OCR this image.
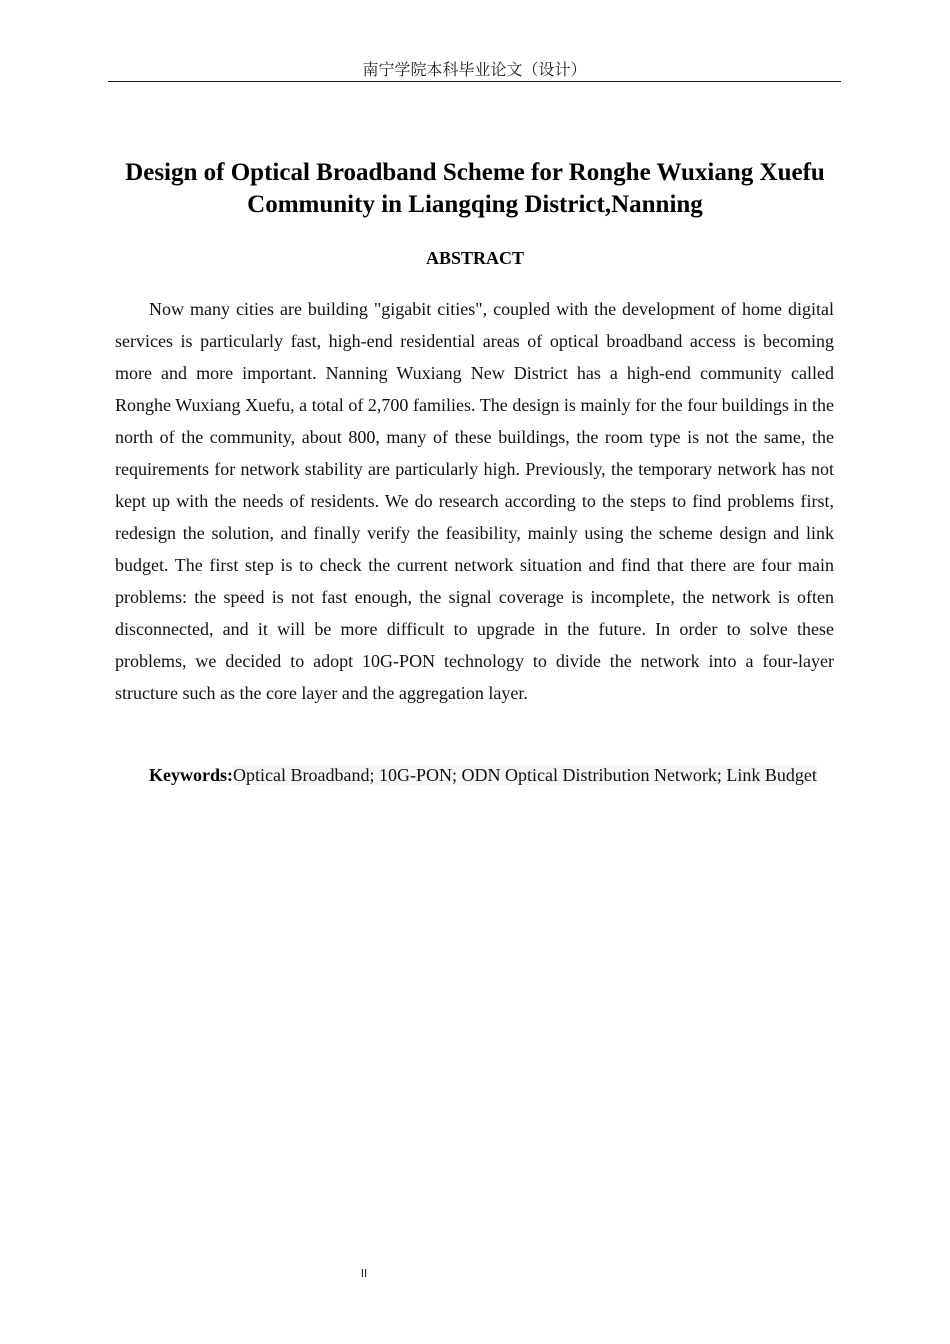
南宁学院本科毕业论文（设计）
Design of Optical Broadband Scheme for Ronghe Wuxiang Xuefu Community in Liangqing District,Nanning
ABSTRACT

Now many cities are building "gigabit cities", coupled with the development of home digital services is particularly fast, high-end residential areas of optical broadband access is becoming more and more important. Nanning Wuxiang New District has a high-end community called Ronghe Wuxiang Xuefu, a total of 2,700 families. The design is mainly for the four buildings in the north of the community, about 800, many of these buildings, the room type is not the same, the requirements for network stability are particularly high. Previously, the temporary network has not kept up with the needs of residents. We do research according to the steps to find problems first, redesign the solution, and finally verify the feasibility, mainly using the scheme design and link budget. The first step is to check the current network situation and find that there are four main problems: the speed is not fast enough, the signal coverage is incomplete, the network is often disconnected, and it will be more difficult to upgrade in the future. In order to solve these problems, we decided to adopt 10G-PON technology to divide the network into a four-layer structure such as the core layer and the aggregation layer.

Keywords:Optical Broadband; 10G-PON; ODN Optical Distribution Network; Link Budget

II
